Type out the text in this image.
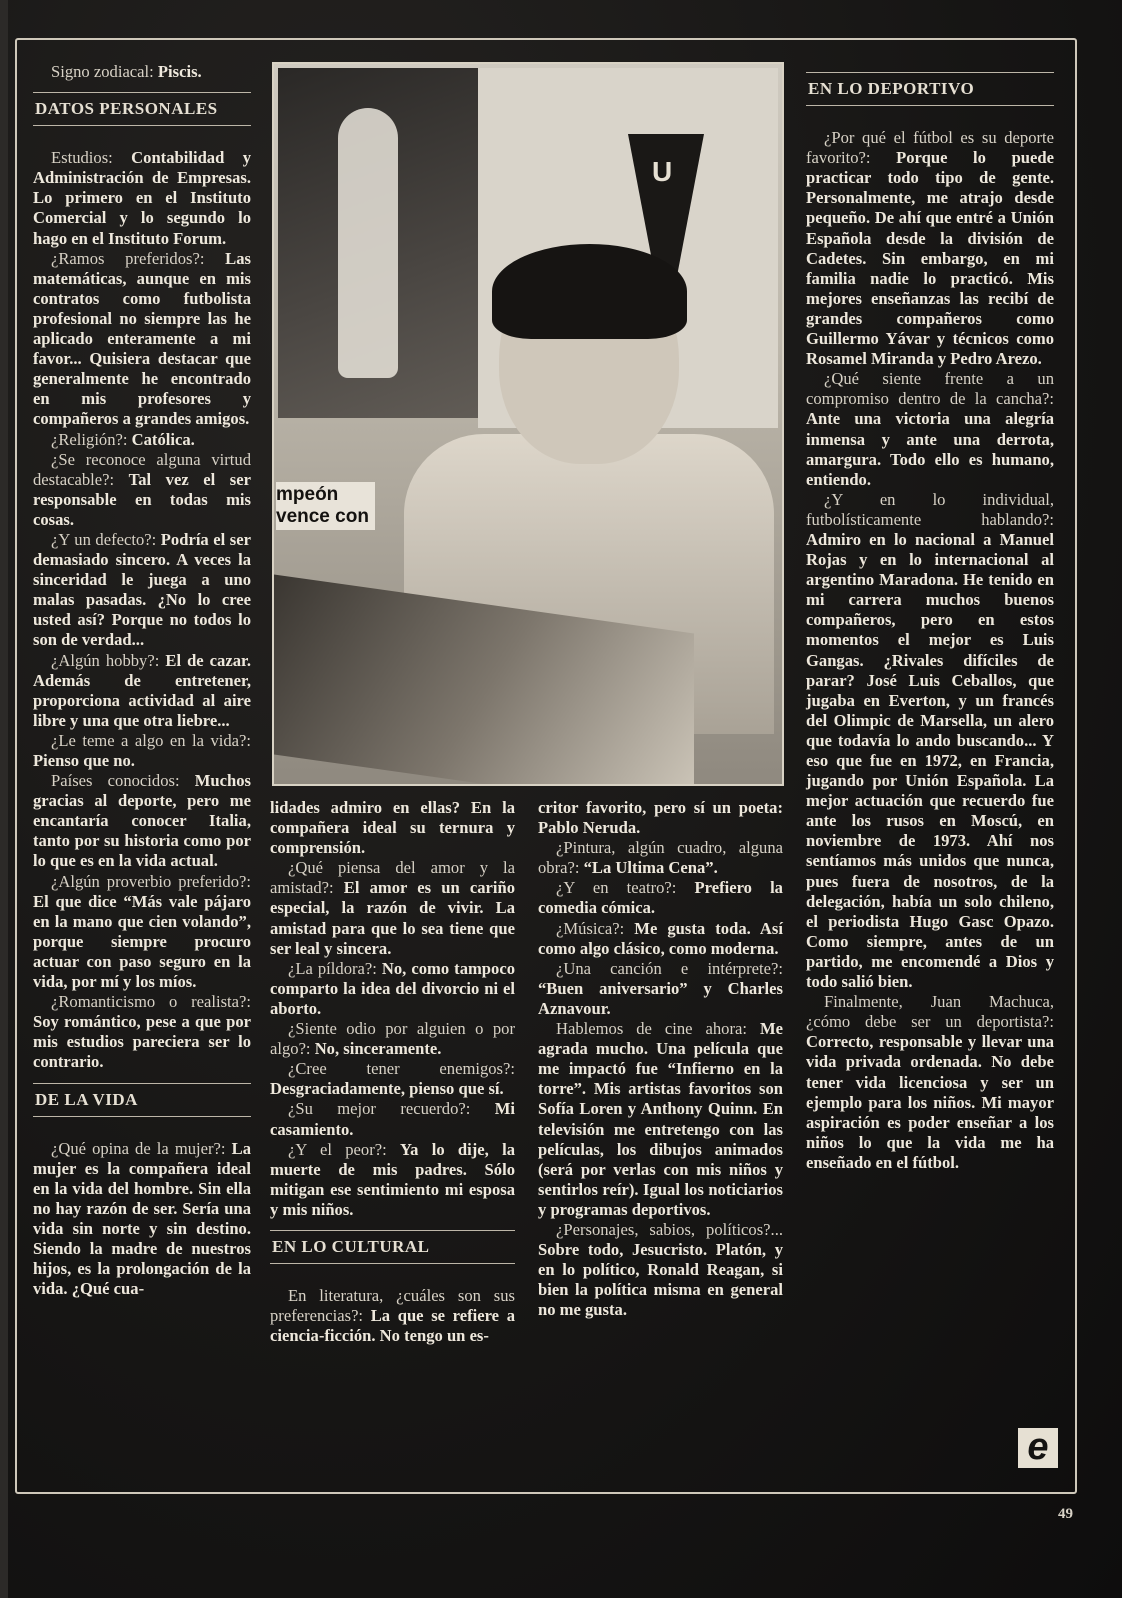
Signo zodiacal: Piscis.

DATOS PERSONALES

Estudios: Contabilidad y Administración de Empresas. Lo primero en el Instituto Comercial y lo segundo lo hago en el Instituto Forum.

¿Ramos preferidos?: Las matemáticas, aunque en mis contratos como futbolista profesional no siempre las he aplicado enteramente a mi favor... Quisiera destacar que generalmente he encontrado en mis profesores y compañeros a grandes amigos.

¿Religión?: Católica.

¿Se reconoce alguna virtud destacable?: Tal vez el ser responsable en todas mis cosas.

¿Y un defecto?: Podría el ser demasiado sincero. A veces la sinceridad le juega a uno malas pasadas. ¿No lo cree usted así? Porque no todos lo son de verdad...

¿Algún hobby?: El de cazar. Además de entretener, proporciona actividad al aire libre y una que otra liebre...

¿Le teme a algo en la vida?: Pienso que no.

Países conocidos: Muchos gracias al deporte, pero me encantaría conocer Italia, tanto por su historia como por lo que es en la vida actual.

¿Algún proverbio preferido?: El que dice “Más vale pájaro en la mano que cien volando”, porque siempre procuro actuar con paso seguro en la vida, por mí y los míos.

¿Romanticismo o realista?: Soy romántico, pese a que por mis estudios pareciera ser lo contrario.

DE LA VIDA

¿Qué opina de la mujer?: La mujer es la compañera ideal en la vida del hombre. Sin ella no hay razón de ser. Sería una vida sin norte y sin destino. Siendo la madre de nuestros hijos, es la prolongación de la vida. ¿Qué cua-

U
mpeón
vence con

lidades admiro en ellas? En la compañera ideal su ternura y comprensión.

¿Qué piensa del amor y la amistad?: El amor es un cariño especial, la razón de vivir. La amistad para que lo sea tiene que ser leal y sincera.

¿La píldora?: No, como tampoco comparto la idea del divorcio ni el aborto.

¿Siente odio por alguien o por algo?: No, sinceramente.

¿Cree tener enemigos?: Desgraciadamente, pienso que sí.

¿Su mejor recuerdo?: Mi casamiento.

¿Y el peor?: Ya lo dije, la muerte de mis padres. Sólo mitigan ese sentimiento mi esposa y mis niños.

EN LO CULTURAL

En literatura, ¿cuáles son sus preferencias?: La que se refiere a ciencia-ficción. No tengo un es-

critor favorito, pero sí un poeta: Pablo Neruda.

¿Pintura, algún cuadro, alguna obra?: “La Ultima Cena”.

¿Y en teatro?: Prefiero la comedia cómica.

¿Música?: Me gusta toda. Así como algo clásico, como moderna.

¿Una canción e intérprete?: “Buen aniversario” y Charles Aznavour.

Hablemos de cine ahora: Me agrada mucho. Una película que me impactó fue “Infierno en la torre”. Mis artistas favoritos son Sofía Loren y Anthony Quinn. En televisión me entretengo con las películas, los dibujos animados (será por verlas con mis niños y sentirlos reír). Igual los noticiarios y programas deportivos.

¿Personajes, sabios, políticos?... Sobre todo, Jesucristo. Platón, y en lo político, Ronald Reagan, si bien la política misma en general no me gusta.

EN LO DEPORTIVO

¿Por qué el fútbol es su deporte favorito?: Porque lo puede practicar todo tipo de gente. Personalmente, me atrajo desde pequeño. De ahí que entré a Unión Española desde la división de Cadetes. Sin embargo, en mi familia nadie lo practicó. Mis mejores enseñanzas las recibí de grandes compañeros como Guillermo Yávar y técnicos como Rosamel Miranda y Pedro Arezo.

¿Qué siente frente a un compromiso dentro de la cancha?: Ante una victoria una alegría inmensa y ante una derrota, amargura. Todo ello es humano, entiendo.

¿Y en lo individual, futbolísticamente hablando?: Admiro en lo nacional a Manuel Rojas y en lo internacional al argentino Maradona. He tenido en mi carrera muchos buenos compañeros, pero en estos momentos el mejor es Luis Gangas. ¿Rivales difíciles de parar? José Luis Ceballos, que jugaba en Everton, y un francés del Olimpic de Marsella, un alero que todavía lo ando buscando... Y eso que fue en 1972, en Francia, jugando por Unión Española. La mejor actuación que recuerdo fue ante los rusos en Moscú, en noviembre de 1973. Ahí nos sentíamos más unidos que nunca, pues fuera de nosotros, de la delegación, había un solo chileno, el periodista Hugo Gasc Opazo. Como siempre, antes de un partido, me encomendé a Dios y todo salió bien.

Finalmente, Juan Machuca, ¿cómo debe ser un deportista?: Correcto, responsable y llevar una vida privada ordenada. No debe tener vida licenciosa y ser un ejemplo para los niños. Mi mayor aspiración es poder enseñar a los niños lo que la vida me ha enseñado en el fútbol.

e
49
